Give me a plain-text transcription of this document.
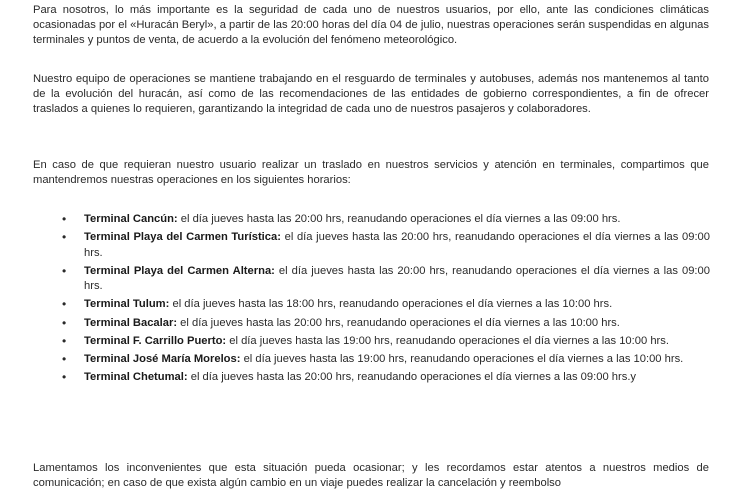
Para nosotros, lo más importante es la seguridad de cada uno de nuestros usuarios, por ello, ante las condiciones climáticas ocasionadas por el «Huracán Beryl», a partir de las 20:00 horas del día 04 de julio, nuestras operaciones serán suspendidas en algunas terminales y puntos de venta, de acuerdo a la evolución del fenómeno meteorológico.

Nuestro equipo de operaciones se mantiene trabajando en el resguardo de terminales y autobuses, además nos mantenemos al tanto de la evolución del huracán, así como de las recomendaciones de las entidades de gobierno correspondientes, a fin de ofrecer traslados a quienes lo requieren, garantizando la integridad de cada uno de nuestros pasajeros y colaboradores.

En caso de que requieran nuestro usuario realizar un traslado en nuestros servicios y atención en terminales, compartimos que mantendremos nuestras operaciones en los siguientes horarios:

• Terminal Cancún: el día jueves hasta las 20:00 hrs, reanudando operaciones el día viernes a las 09:00 hrs.
• Terminal Playa del Carmen Turística: el día jueves hasta las 20:00 hrs, reanudando operaciones el día viernes a las 09:00 hrs.
• Terminal Playa del Carmen Alterna: el día jueves hasta las 20:00 hrs, reanudando operaciones el día viernes a las 09:00 hrs.
• Terminal Tulum: el día jueves hasta las 18:00 hrs, reanudando operaciones el día viernes a las 10:00 hrs.
• Terminal Bacalar: el día jueves hasta las 20:00 hrs, reanudando operaciones el día viernes a las 10:00 hrs.
• Terminal F. Carrillo Puerto: el día jueves hasta las 19:00 hrs, reanudando operaciones el día viernes a las 10:00 hrs.
• Terminal José María Morelos: el día jueves hasta las 19:00 hrs, reanudando operaciones el día viernes a las 10:00 hrs.
• Terminal Chetumal: el día jueves hasta las 20:00 hrs, reanudando operaciones el día viernes a las 09:00 hrs.y

Lamentamos los inconvenientes que esta situación pueda ocasionar; y les recordamos estar atentos a nuestros medios de comunicación; en caso de que exista algún cambio en un viaje puedes realizar la cancelación y reembolso
